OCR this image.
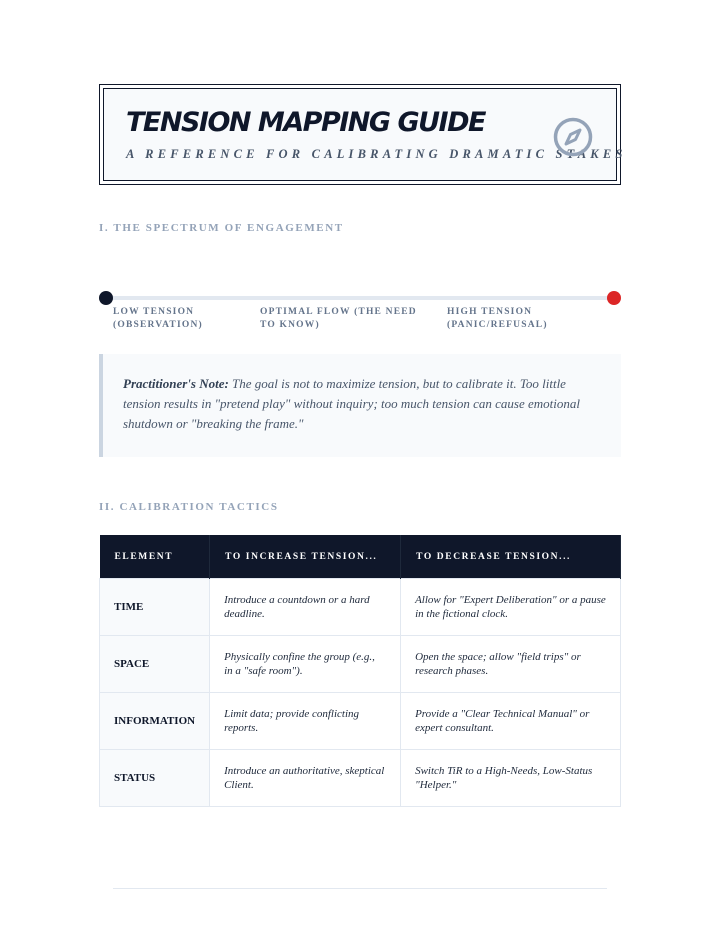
TENSION MAPPING GUIDE
A REFERENCE FOR CALIBRATING DRAMATIC STAKES
I. THE SPECTRUM OF ENGAGEMENT
LOW TENSION (OBSERVATION)
OPTIMAL FLOW (THE NEED TO KNOW)
HIGH TENSION (PANIC/REFUSAL)
Practitioner's Note: The goal is not to maximize tension, but to calibrate it. Too little tension results in "pretend play" without inquiry; too much tension can cause emotional shutdown or "breaking the frame."
II. CALIBRATION TACTICS
ELEMENT	TO INCREASE TENSION...	TO DECREASE TENSION...
TIME	Introduce a countdown or a hard deadline.	Allow for "Expert Deliberation" or a pause in the fictional clock.
SPACE	Physically confine the group (e.g., in a "safe room").	Open the space; allow "field trips" or research phases.
INFORMATION	Limit data; provide conflicting reports.	Provide a "Clear Technical Manual" or expert consultant.
STATUS	Introduce an authoritative, skeptical Client.	Switch TiR to a High-Needs, Low-Status "Helper."
